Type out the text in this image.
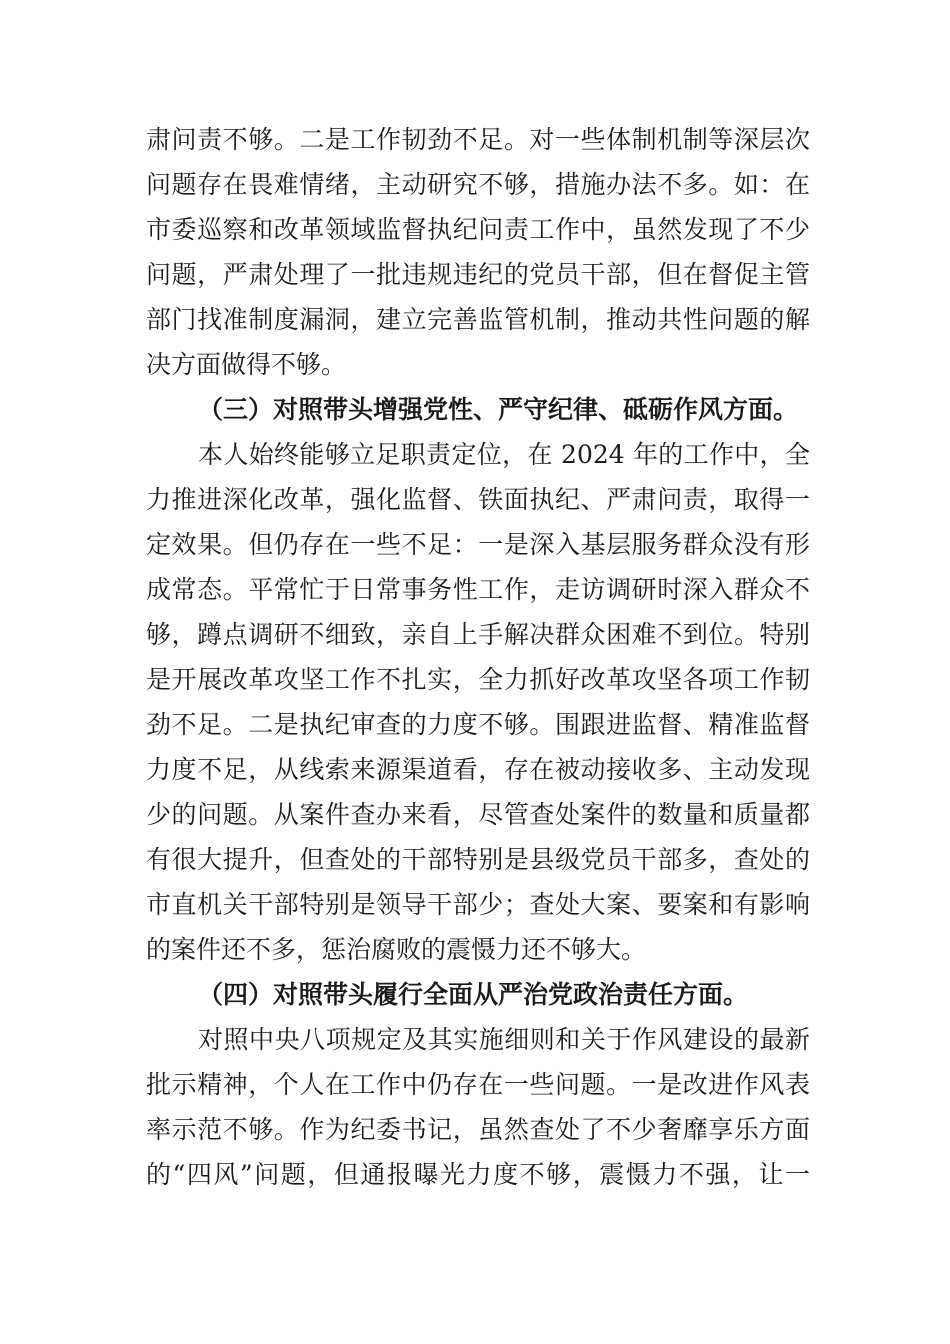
肃问责不够。二是工作韧劲不足。对一些体制机制等深层次
问题存在畏难情绪，主动研究不够，措施办法不多。如：在
市委巡察和改革领域监督执纪问责工作中，虽然发现了不少
问题，严肃处理了一批违规违纪的党员干部，但在督促主管
部门找准制度漏洞，建立完善监管机制，推动共性问题的解
决方面做得不够。
（三）对照带头增强党性、严守纪律、砥砺作风方面。
本人始终能够立足职责定位，在 2024 年的工作中，全
力推进深化改革，强化监督、铁面执纪、严肃问责，取得一
定效果。但仍存在一些不足：一是深入基层服务群众没有形
成常态。平常忙于日常事务性工作，走访调研时深入群众不
够，蹲点调研不细致，亲自上手解决群众困难不到位。特别
是开展改革攻坚工作不扎实，全力抓好改革攻坚各项工作韧
劲不足。二是执纪审查的力度不够。围跟进监督、精准监督
力度不足，从线索来源渠道看，存在被动接收多、主动发现
少的问题。从案件查办来看，尽管查处案件的数量和质量都
有很大提升，但查处的干部特别是县级党员干部多，查处的
市直机关干部特别是领导干部少；查处大案、要案和有影响
的案件还不多，惩治腐败的震慑力还不够大。
（四）对照带头履行全面从严治党政治责任方面。
对照中央八项规定及其实施细则和关于作风建设的最新
批示精神，个人在工作中仍存在一些问题。一是改进作风表
率示范不够。作为纪委书记，虽然查处了不少奢靡享乐方面
的“四风”问题，但通报曝光力度不够，震慑力不强，让一
